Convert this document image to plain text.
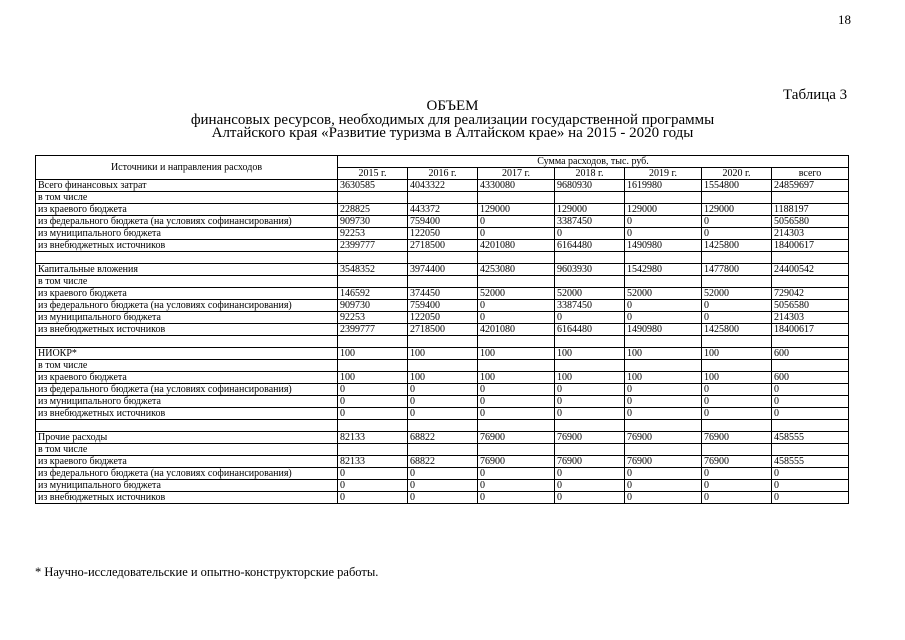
18
Таблица 3
ОБЪЕМ
финансовых ресурсов, необходимых для реализации государственной программы
Алтайского края «Развитие туризма в Алтайском крае» на 2015 - 2020 годы
Источники и направления расходов	Сумма расходов, тыс. руб.						
	2015 г.	2016 г.	2017 г.	2018 г.	2019 г.	2020 г.	всего
Всего финансовых затрат	3630585	4043322	4330080	9680930	1619980	1554800	24859697
в том числе							
из краевого бюджета	228825	443372	129000	129000	129000	129000	1188197
из федерального бюджета (на условиях софинансирования)	909730	759400	0	3387450	0	0	5056580
из муниципального бюджета	92253	122050	0	0	0	0	214303
из внебюджетных источников	2399777	2718500	4201080	6164480	1490980	1425800	18400617

Капитальные вложения	3548352	3974400	4253080	9603930	1542980	1477800	24400542
в том числе							
из краевого бюджета	146592	374450	52000	52000	52000	52000	729042
из федерального бюджета (на условиях софинансирования)	909730	759400	0	3387450	0	0	5056580
из муниципального бюджета	92253	122050	0	0	0	0	214303
из внебюджетных источников	2399777	2718500	4201080	6164480	1490980	1425800	18400617

НИОКР*	100	100	100	100	100	100	600
в том числе							
из краевого бюджета	100	100	100	100	100	100	600
из федерального бюджета (на условиях софинансирования)	0	0	0	0	0	0	0
из муниципального бюджета	0	0	0	0	0	0	0
из внебюджетных источников	0	0	0	0	0	0	0

Прочие расходы	82133	68822	76900	76900	76900	76900	458555
в том числе							
из краевого бюджета	82133	68822	76900	76900	76900	76900	458555
из федерального бюджета (на условиях софинансирования)	0	0	0	0	0	0	0
из муниципального бюджета	0	0	0	0	0	0	0
из внебюджетных источников	0	0	0	0	0	0	0
* Научно-исследовательские и опытно-конструкторские работы.
